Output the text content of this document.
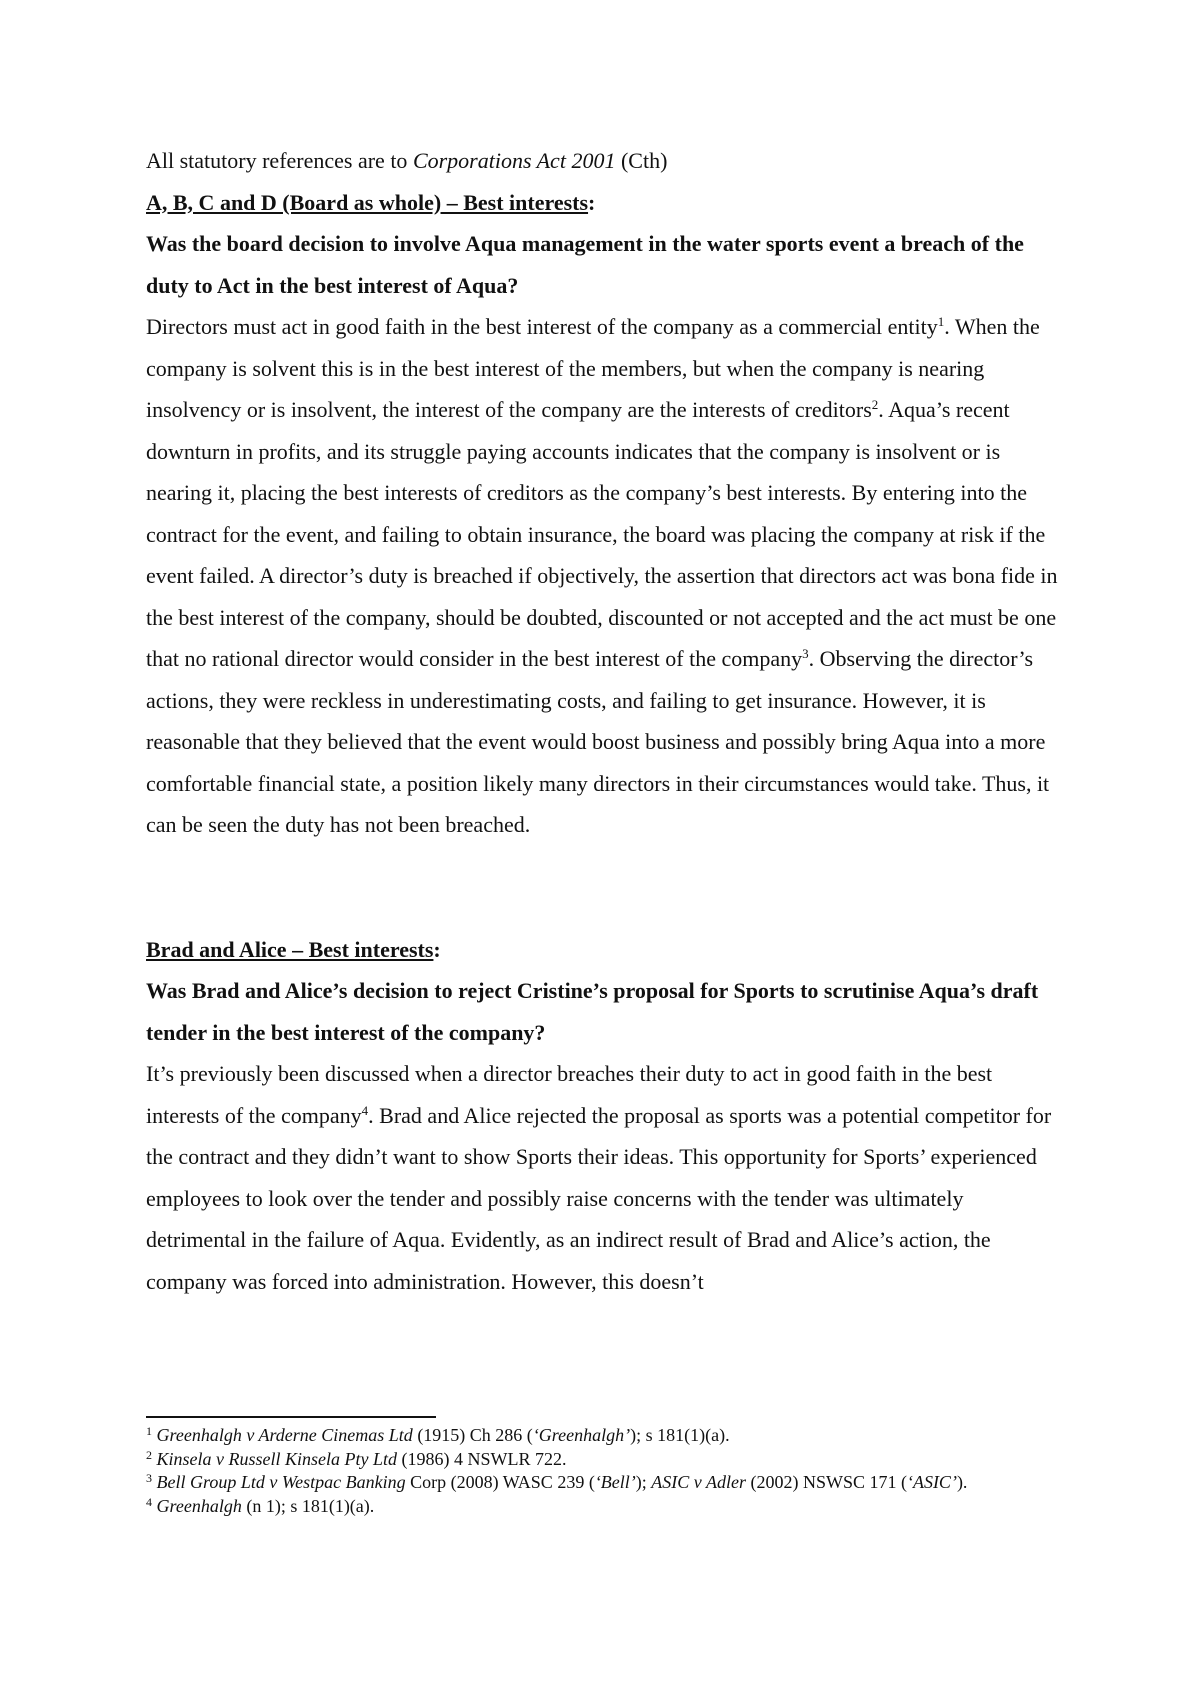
All statutory references are to Corporations Act 2001 (Cth)

A, B, C and D (Board as whole) – Best interests:

Was the board decision to involve Aqua management in the water sports event a breach of the duty to Act in the best interest of Aqua?

Directors must act in good faith in the best interest of the company as a commercial entity$^1$. When the company is solvent this is in the best interest of the members, but when the company is nearing insolvency or is insolvent, the interest of the company are the interests of creditors$^2$. Aqua’s recent downturn in profits, and its struggle paying accounts indicates that the company is insolvent or is nearing it, placing the best interests of creditors as the company’s best interests. By entering into the contract for the event, and failing to obtain insurance, the board was placing the company at risk if the event failed. A director’s duty is breached if objectively, the assertion that directors act was bona fide in the best interest of the company, should be doubted, discounted or not accepted and the act must be one that no rational director would consider in the best interest of the company$^3$. Observing the director’s actions, they were reckless in underestimating costs, and failing to get insurance. However, it is reasonable that they believed that the event would boost business and possibly bring Aqua into a more comfortable financial state, a position likely many directors in their circumstances would take. Thus, it can be seen the duty has not been breached.

Brad and Alice – Best interests:

Was Brad and Alice’s decision to reject Cristine’s proposal for Sports to scrutinise Aqua’s draft tender in the best interest of the company?

It’s previously been discussed when a director breaches their duty to act in good faith in the best interests of the company$^4$. Brad and Alice rejected the proposal as sports was a potential competitor for the contract and they didn’t want to show Sports their ideas. This opportunity for Sports’ experienced employees to look over the tender and possibly raise concerns with the tender was ultimately detrimental in the failure of Aqua. Evidently, as an indirect result of Brad and Alice’s action, the company was forced into administration. However, this doesn’t

$^1$ Greenhalgh v Arderne Cinemas Ltd (1915) Ch 286 (‘Greenhalgh’); s 181(1)(a).

$^2$ Kinsela v Russell Kinsela Pty Ltd (1986) 4 NSWLR 722.

$^3$ Bell Group Ltd v Westpac Banking Corp (2008) WASC 239 (‘Bell’); ASIC v Adler (2002) NSWSC 171 (‘ASIC’).

$^4$ Greenhalgh (n 1); s 181(1)(a).
